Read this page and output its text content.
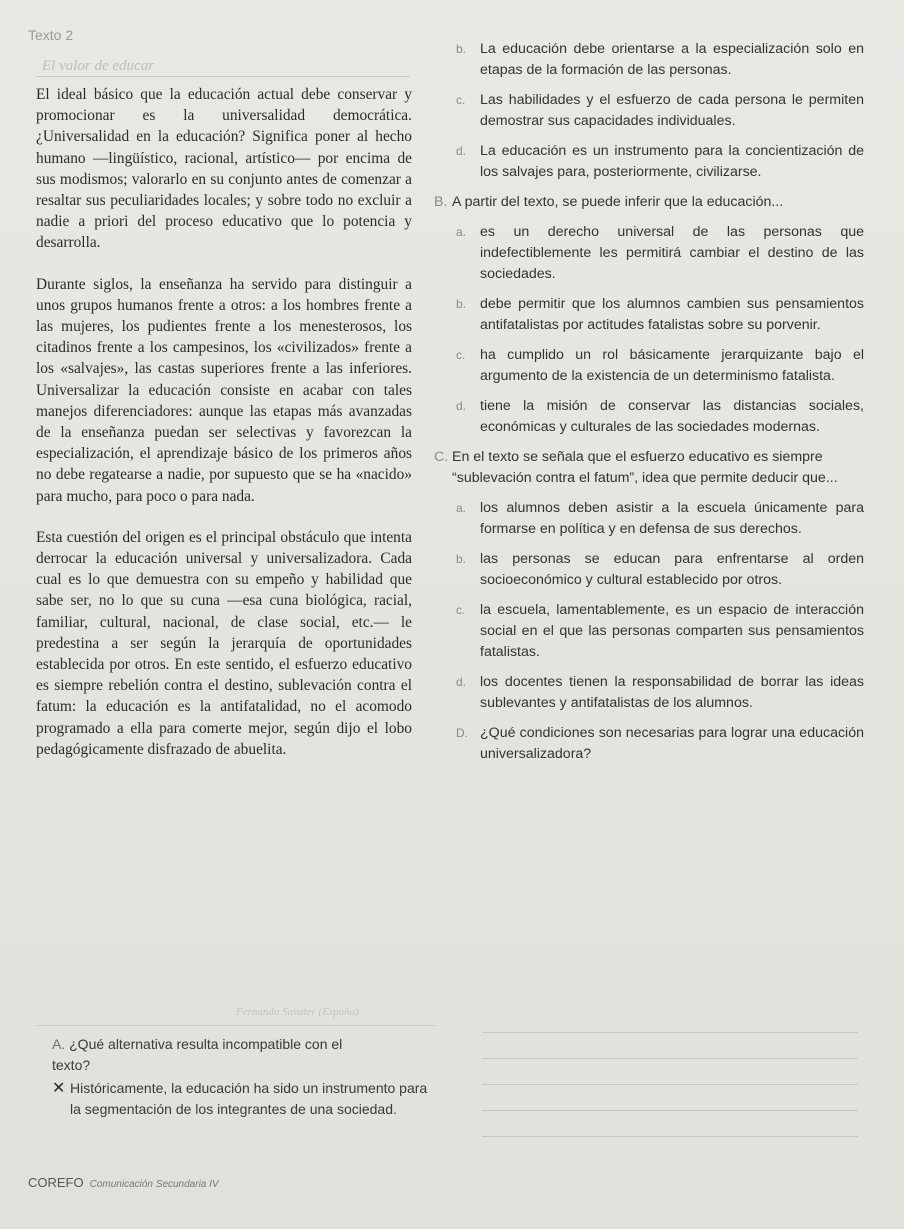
Texto 2
El valor de educar

El ideal básico que la educación actual debe conservar y promocionar es la universalidad democrática. ¿Universalidad en la educación? Significa poner al hecho humano —lingüístico, racional, artístico— por encima de sus modismos; valorarlo en su conjunto antes de comenzar a resaltar sus peculiaridades locales; y sobre todo no excluir a nadie a priori del proceso educativo que lo potencia y desarrolla.

Durante siglos, la enseñanza ha servido para distinguir a unos grupos humanos frente a otros: a los hombres frente a las mujeres, los pudientes frente a los menesterosos, los citadinos frente a los campesinos, los «civilizados» frente a los «salvajes», las castas superiores frente a las inferiores. Universalizar la educación consiste en acabar con tales manejos diferenciadores: aunque las etapas más avanzadas de la enseñanza puedan ser selectivas y favorezcan la especialización, el aprendizaje básico de los primeros años no debe regatearse a nadie, por supuesto que se ha «nacido» para mucho, para poco o para nada.

Esta cuestión del origen es el principal obstáculo que intenta derrocar la educación universal y universalizadora. Cada cual es lo que demuestra con su empeño y habilidad que sabe ser, no lo que su cuna —esa cuna biológica, racial, familiar, cultural, nacional, de clase social, etc.— le predestina a ser según la jerarquía de oportunidades establecida por otros. En este sentido, el esfuerzo educativo es siempre rebelión contra el destino, sublevación contra el fatum: la educación es la antifatalidad, no el acomodo programado a ella para comerte mejor, según dijo el lobo pedagógicamente disfrazado de abuelita.

Fernando Savater (España)
A. ¿Qué alternativa resulta incompatible con el
texto?
✕ Históricamente, la educación ha sido un instrumento para la segmentación de los integrantes de una sociedad.
b. La educación debe orientarse a la especialización solo en etapas de la formación de las personas.
c.	Las habilidades y el esfuerzo de cada persona le permiten demostrar sus capacidades individuales.
d. La educación es un instrumento para la concientización de los salvajes para, posteriormente, civilizarse.
B. A partir del texto, se puede inferir que la educación...
a. es un derecho universal de las personas que indefectiblemente les permitirá cambiar el destino de las sociedades.
b. debe permitir que los alumnos cambien sus pensamientos antifatalistas por actitudes fatalistas sobre su porvenir.
c.	ha cumplido un rol básicamente jerarquizante bajo el argumento de la existencia de un determinismo fatalista.
d. tiene la misión de conservar las distancias sociales, económicas y culturales de las sociedades modernas.
C. En el texto se señala que el esfuerzo educativo es siempre “sublevación contra el fatum”, idea que permite deducir que...
a. los alumnos deben asistir a la escuela únicamente para formarse en política y en defensa de sus derechos.
b. las personas se educan para enfrentarse al orden socioeconómico y cultural establecido por otros.
c.	la escuela, lamentablemente, es un espacio de interacción social en el que las personas comparten sus pensamientos fatalistas.
d. los docentes tienen la responsabilidad de borrar las ideas sublevantes y antifatalistas de los alumnos.
D. ¿Qué condiciones son necesarias para lograr una educación universalizadora?
COREFO Comunicación Secundaria IV
